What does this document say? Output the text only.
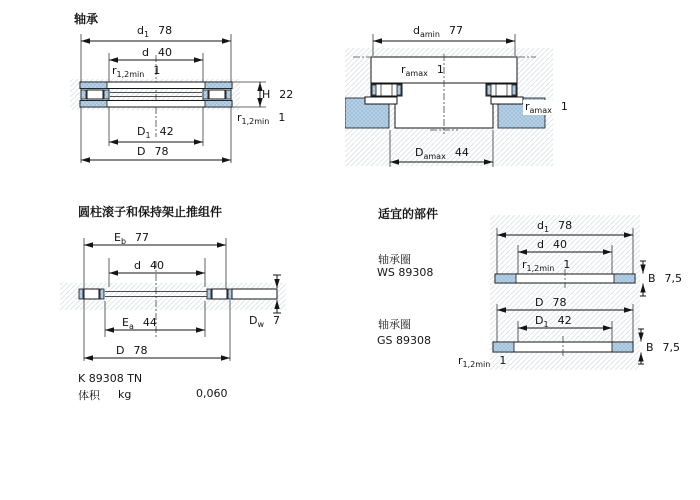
轴承
$d_1$ 78
d 40
$r_{1,2min}$ 1
H 22
$r_{1,2min}$ 1
$D_1$ 42
D 78
$d_{amin}$ 77
$r_{amax}$ 1
$r_{amax}$ 1
$D_{amax}$ 44
圆柱滚子和保持架止推组件
$E_b$ 77
d 40
$D_w$ 7
$E_a$ 44
D 78
K 89308 TN
体积 kg	0,060
适宜的部件
轴承圈
WS 89308
轴承圈
GS 89308
$d_1$ 78
d 40
$r_{1,2min}$ 1
B 7,5
D 78
$D_1$ 42
B 7,5
$r_{1,2min}$ 1
